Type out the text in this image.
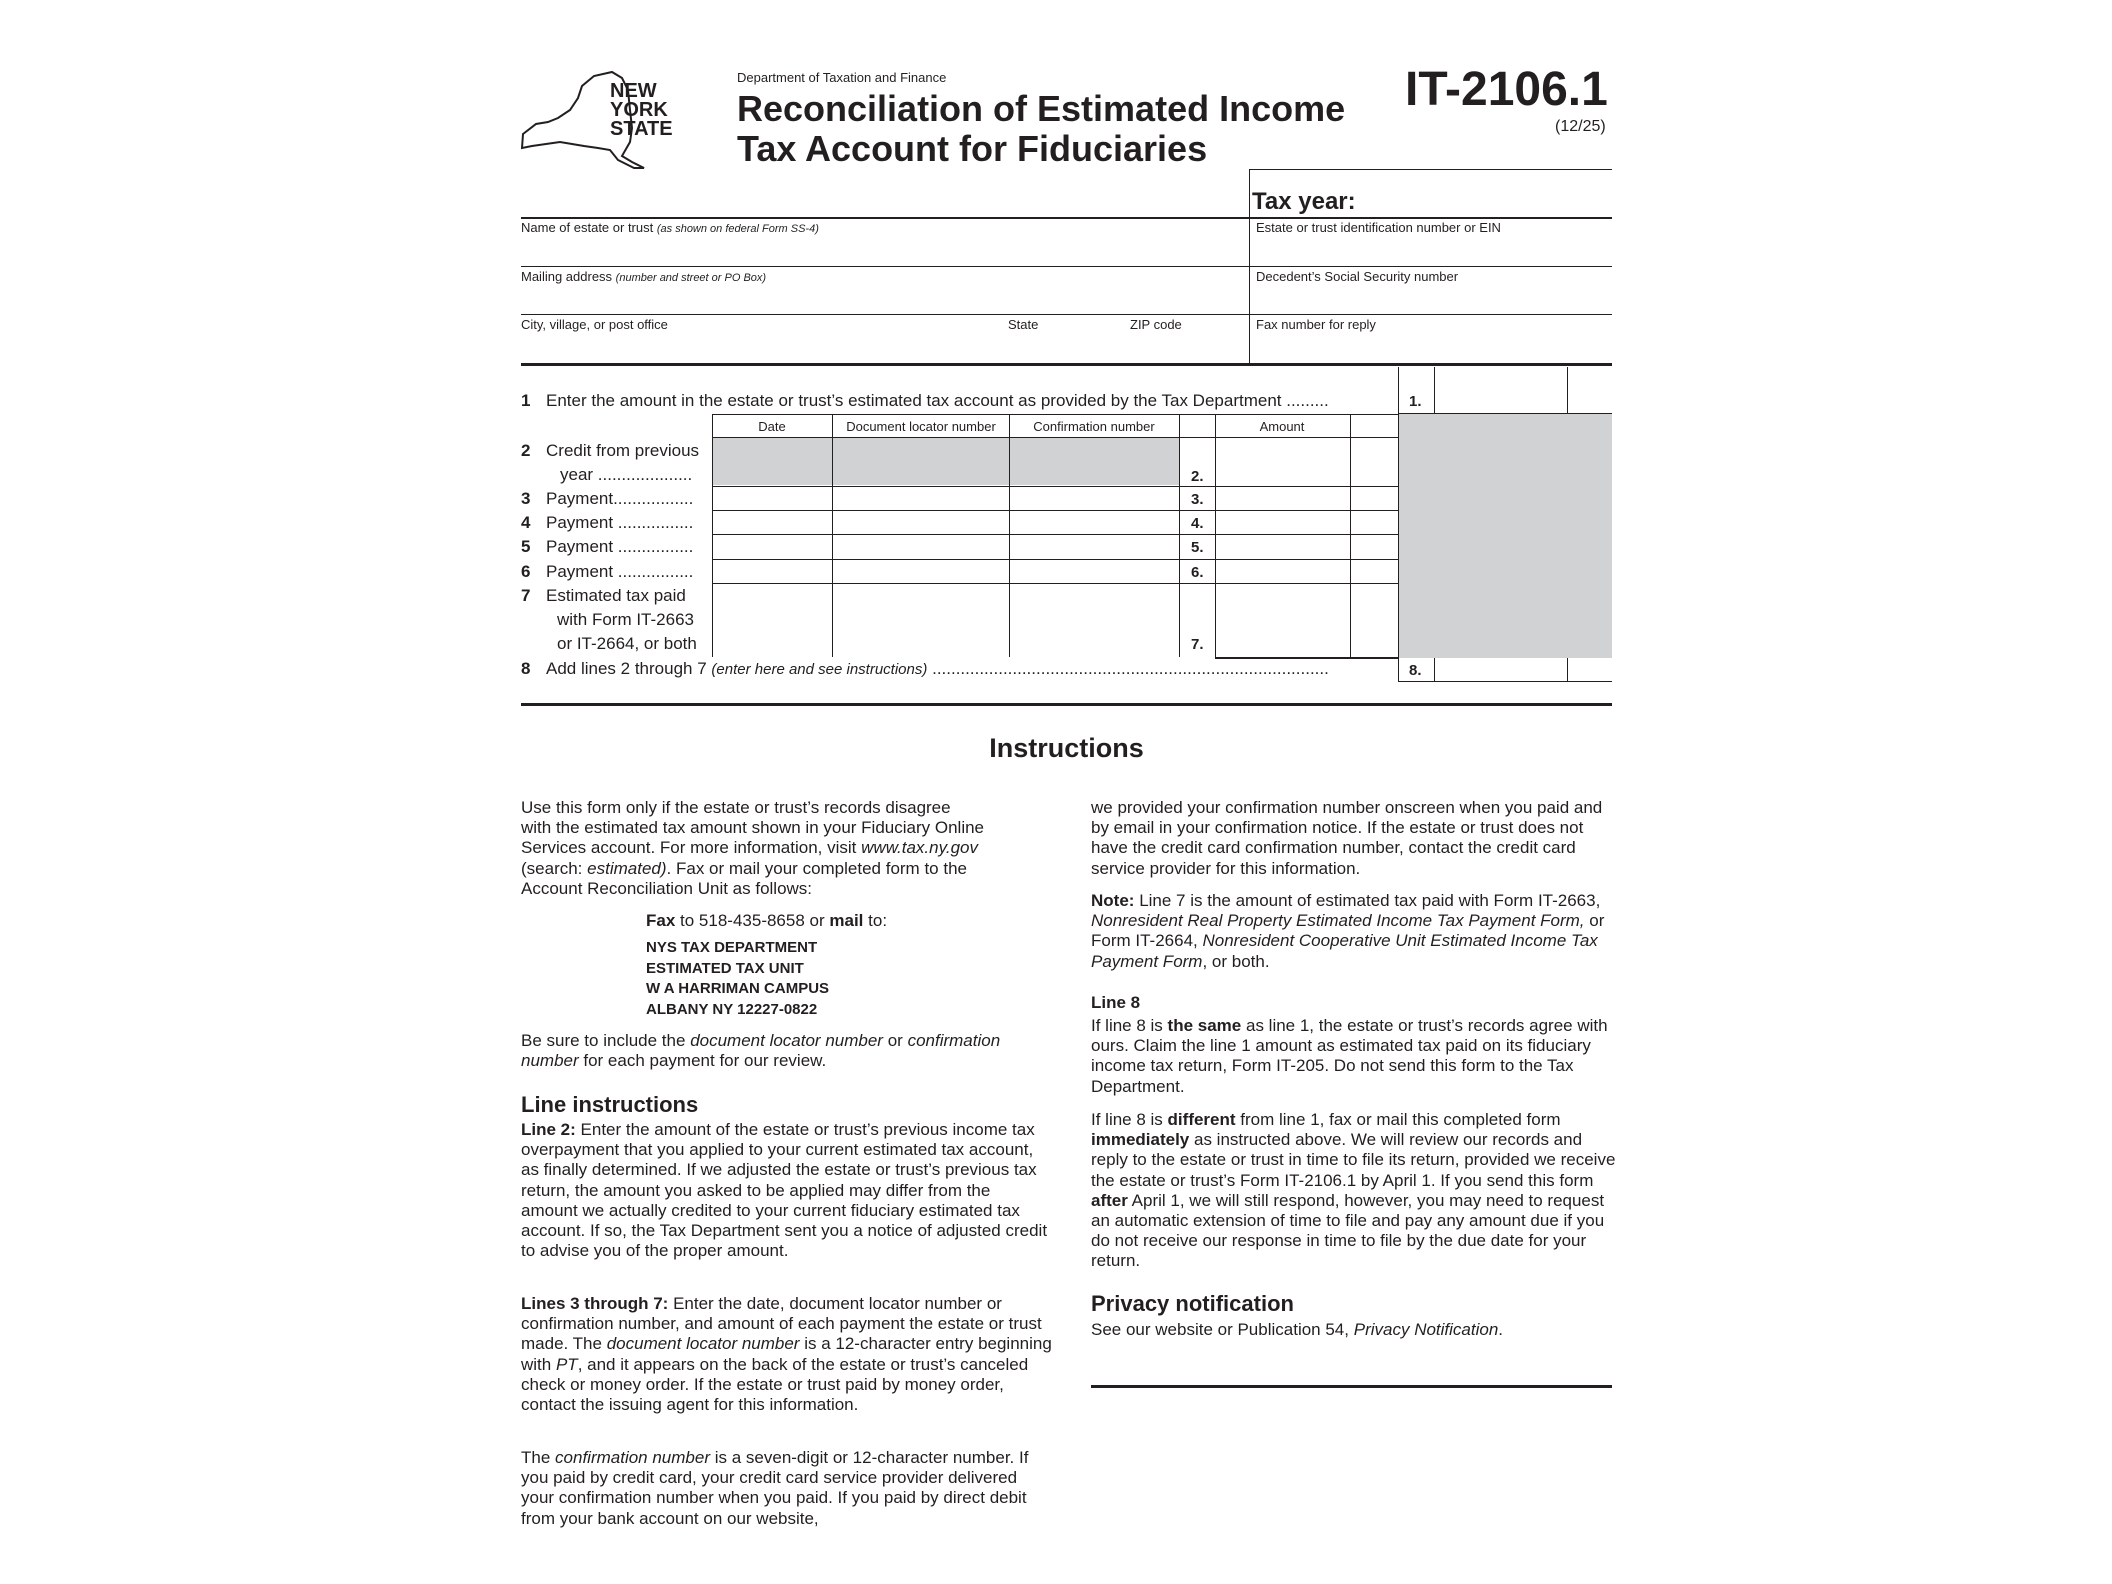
NEW
YORK
STATE
Department of Taxation and Finance
Reconciliation of Estimated Income
Tax Account for Fiduciaries
IT-2106.1
(12/25)
Tax year:
Name of estate or trust (as shown on federal Form SS-4)	Estate or trust identification number or EIN
Mailing address (number and street or PO Box)	Decedent’s Social Security number
City, village, or post office	State	ZIP code	Fax number for reply
1 Enter the amount in the estate or trust’s estimated tax account as provided by the Tax Department .........	1.
Date	Document locator number	Confirmation number	Amount
2 Credit from previous
year ....................	2.
3 Payment.................	3.
4 Payment ................	4.
5 Payment ................	5.
6 Payment ................	6.
7 Estimated tax paid
with Form IT-2663
or IT-2664, or both	7.
8 Add lines 2 through 7 (enter here and see instructions) ....................................................................................	8.
Instructions
Use this form only if the estate or trust’s records disagree
with the estimated tax amount shown in your Fiduciary Online
Services account. For more information, visit www.tax.ny.gov
(search: estimated). Fax or mail your completed form to the
Account Reconciliation Unit as follows:
Fax to 518-435-8658 or mail to:
NYS TAX DEPARTMENT
ESTIMATED TAX UNIT
W A HARRIMAN CAMPUS
ALBANY NY 12227-0822
Be sure to include the document locator number or confirmation number for each payment for our review.
Line instructions
Line 2: Enter the amount of the estate or trust’s previous income tax overpayment that you applied to your current estimated tax account, as finally determined. If we adjusted the estate or trust’s previous tax return, the amount you asked to be applied may differ from the amount we actually credited to your current fiduciary estimated tax account. If so, the Tax Department sent you a notice of adjusted credit to advise you of the proper amount.
Lines 3 through 7: Enter the date, document locator number or confirmation number, and amount of each payment the estate or trust made. The document locator number is a 12-character entry beginning with PT, and it appears on the back of the estate or trust’s canceled check or money order. If the estate or trust paid by money order, contact the issuing agent for this information.
The confirmation number is a seven-digit or 12-character number. If you paid by credit card, your credit card service provider delivered your confirmation number when you paid. If you paid by direct debit from your bank account on our website,
we provided your confirmation number onscreen when you paid and by email in your confirmation notice. If the estate or trust does not have the credit card confirmation number, contact the credit card service provider for this information.
Note: Line 7 is the amount of estimated tax paid with Form IT-2663, Nonresident Real Property Estimated Income Tax Payment Form, or Form IT-2664, Nonresident Cooperative Unit Estimated Income Tax Payment Form, or both.
Line 8
If line 8 is the same as line 1, the estate or trust’s records agree with ours. Claim the line 1 amount as estimated tax paid on its fiduciary income tax return, Form IT-205. Do not send this form to the Tax Department.
If line 8 is different from line 1, fax or mail this completed form immediately as instructed above. We will review our records and reply to the estate or trust in time to file its return, provided we receive the estate or trust’s Form IT-2106.1 by April 1. If you send this form after April 1, we will still respond, however, you may need to request an automatic extension of time to file and pay any amount due if you do not receive our response in time to file by the due date for your return.
Privacy notification
See our website or Publication 54, Privacy Notification.
